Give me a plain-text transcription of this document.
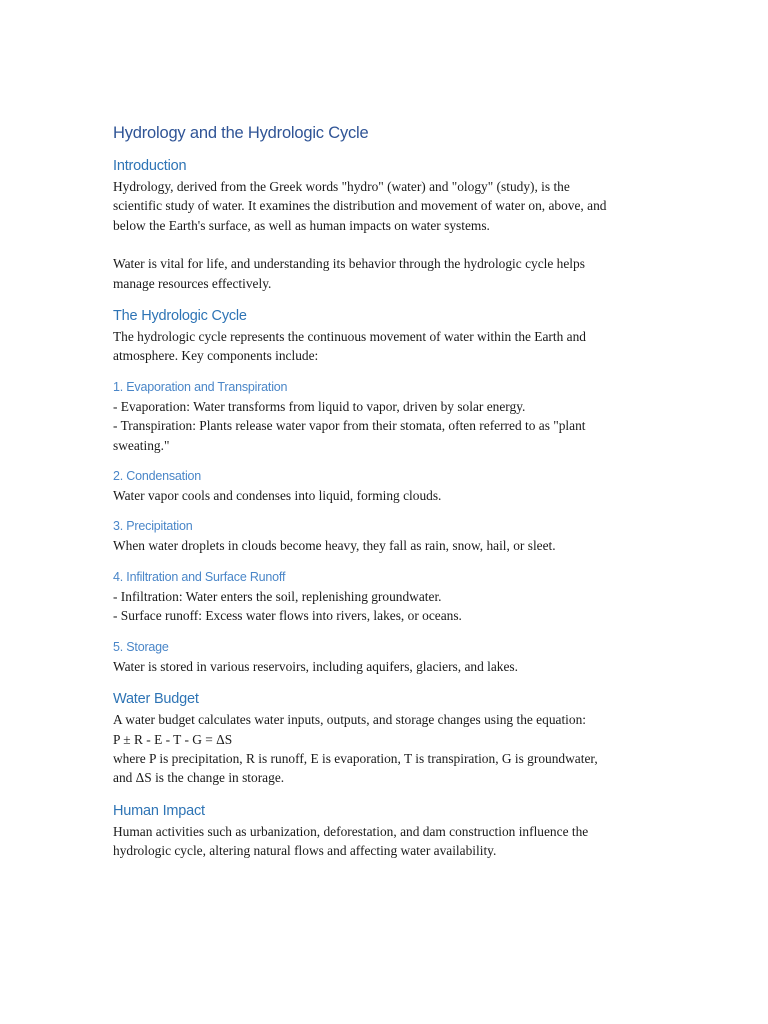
Hydrology and the Hydrologic Cycle
Introduction

Hydrology, derived from the Greek words "hydro" (water) and "ology" (study), is the
scientific study of water. It examines the distribution and movement of water on, above, and
below the Earth's surface, as well as human impacts on water systems.

Water is vital for life, and understanding its behavior through the hydrologic cycle helps
manage resources effectively.

The Hydrologic Cycle

The hydrologic cycle represents the continuous movement of water within the Earth and
atmosphere. Key components include:

1. Evaporation and Transpiration

- Evaporation: Water transforms from liquid to vapor, driven by solar energy.
- Transpiration: Plants release water vapor from their stomata, often referred to as "plant
sweating."

2. Condensation

Water vapor cools and condenses into liquid, forming clouds.

3. Precipitation

When water droplets in clouds become heavy, they fall as rain, snow, hail, or sleet.

4. Infiltration and Surface Runoff

- Infiltration: Water enters the soil, replenishing groundwater.
- Surface runoff: Excess water flows into rivers, lakes, or oceans.

5. Storage

Water is stored in various reservoirs, including aquifers, glaciers, and lakes.

Water Budget

A water budget calculates water inputs, outputs, and storage changes using the equation:
P ± R - E - T - G = ΔS
where P is precipitation, R is runoff, E is evaporation, T is transpiration, G is groundwater,
and ΔS is the change in storage.

Human Impact

Human activities such as urbanization, deforestation, and dam construction influence the
hydrologic cycle, altering natural flows and affecting water availability.
